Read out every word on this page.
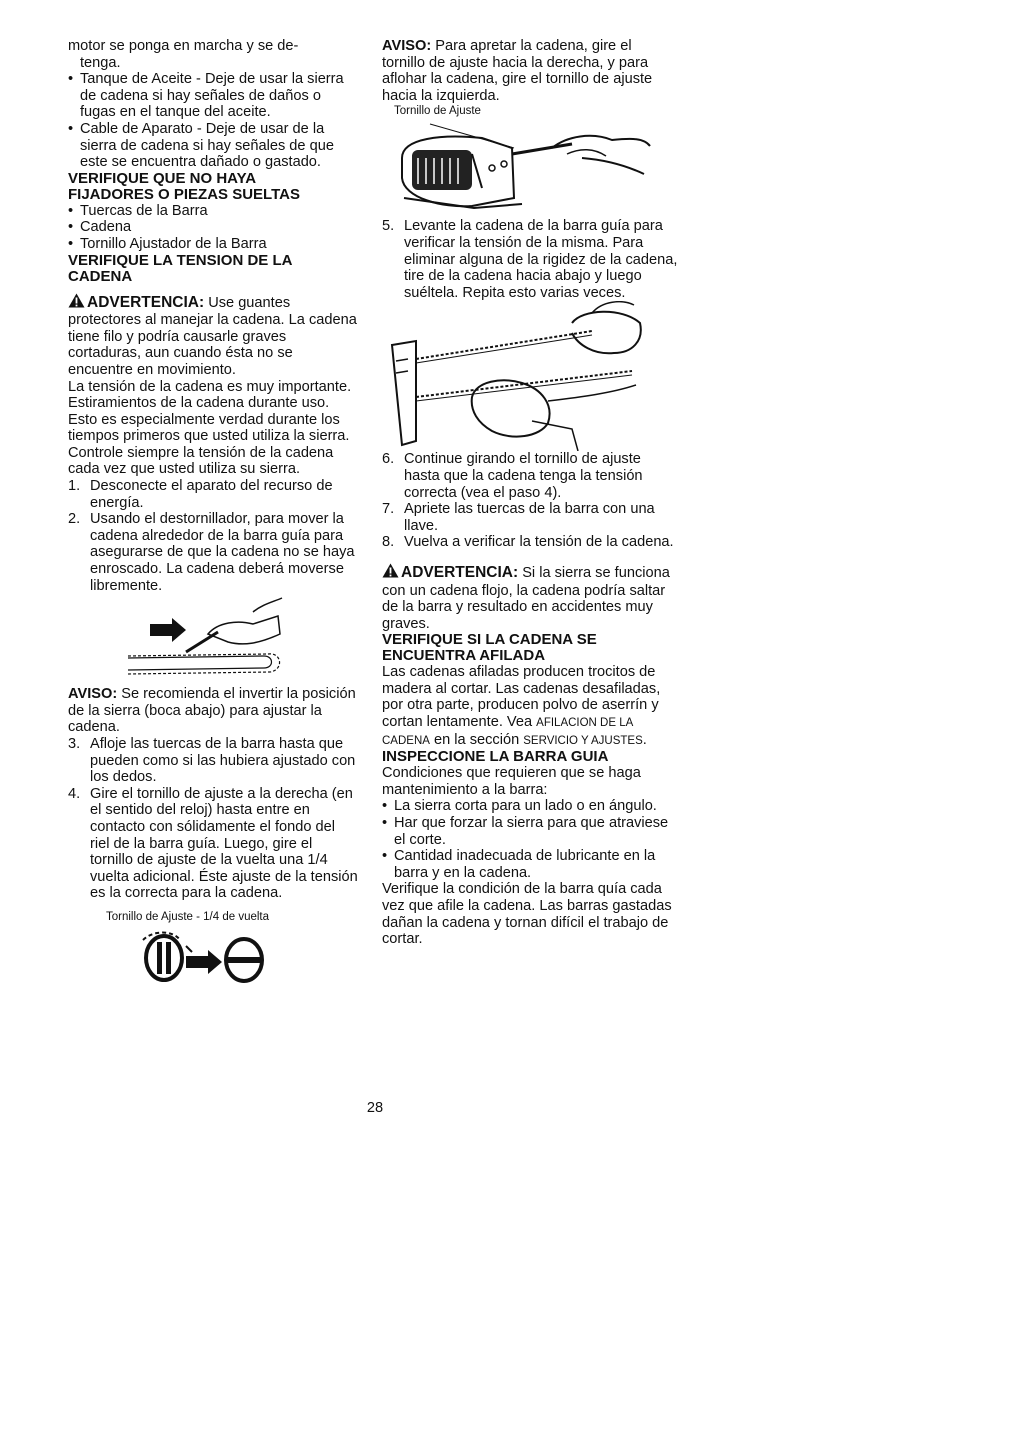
motor se ponga en marcha y se de-
tenga.

• Tanque de Aceite - Deje de usar la sierra de cadena si hay señales de daños o fugas en el tanque del aceite.

• Cable de Aparato - Deje de usar de la sierra de cadena si hay señales de que este se encuentra dañado o gastado.

VERIFIQUE QUE NO HAYA
FIJADORES O PIEZAS SUELTAS

• Tuercas de la Barra

• Cadena

• Tornillo Ajustador de la Barra

VERIFIQUE LA TENSION DE LA
CADENA

ADVERTENCIA: Use guantes protectores al manejar la cadena. La cadena tiene filo y podría causarle graves cortaduras, aun cuando ésta no se encuentre en movimiento.

La tensión de la cadena es muy importante. Estiramientos de la cadena durante uso. Esto es especialmente verdad durante los tiempos primeros que usted utiliza la sierra. Controle siempre la tensión de la cadena cada vez que usted utiliza su sierra.

1. Desconecte el aparato del recurso de energía.

2. Usando el destornillador, para mover la cadena alrededor de la barra guía para asegurarse de que la cadena no se haya enroscado. La cadena deberá moverse libremente.

AVISO: Se recomienda el invertir la posición de la sierra (boca abajo) para ajustar la cadena.

3. Afloje las tuercas de la barra hasta que pueden como si las hubiera ajustado con los dedos.

4. Gire el tornillo de ajuste a la derecha (en el sentido del reloj) hasta entre en contacto con sólidamente el fondo del riel de la barra guía. Luego, gire el tornillo de ajuste de la vuelta una 1/4 vuelta adicional. Éste ajuste de la tensión es la correcta para la cadena.

Tornillo de Ajuste - 1/4 de vuelta

AVISO: Para apretar la cadena, gire el tornillo de ajuste hacia la derecha, y para aflohar la cadena, gire el tornillo de ajuste hacia la izquierda.

Tornillo de Ajuste

5. Levante la cadena de la barra guía para verificar la tensión de la misma. Para eliminar alguna de la rigidez de la cadena, tire de la cadena hacia abajo y luego suéltela. Repita esto varias veces.

6. Continue girando el tornillo de ajuste hasta que la cadena tenga la tensión correcta (vea el paso 4).

7. Apriete las tuercas de la barra con una llave.

8. Vuelva a verificar la tensión de la cadena.

ADVERTENCIA: Si la sierra se funciona con un cadena flojo, la cadena podría saltar de la barra y resultado en accidentes muy graves.

VERIFIQUE SI LA CADENA SE
ENCUENTRA AFILADA

Las cadenas afiladas producen trocitos de madera al cortar. Las cadenas desafiladas, por otra parte, producen polvo de aserrín y cortan lentamente. Vea AFILACION DE LA CADENA en la sección SERVICIO Y AJUSTES.

INSPECCIONE LA BARRA GUIA

Condiciones que requieren que se haga mantenimiento a la barra:

• La sierra corta para un lado o en ángulo.

• Har que forzar la sierra para que atraviese el corte.

• Cantidad inadecuada de lubricante en la barra y en la cadena.

Verifique la condición de la barra quía cada vez que afile la cadena. Las barras gastadas dañan la cadena y tornan difícil el trabajo de cortar.

28
